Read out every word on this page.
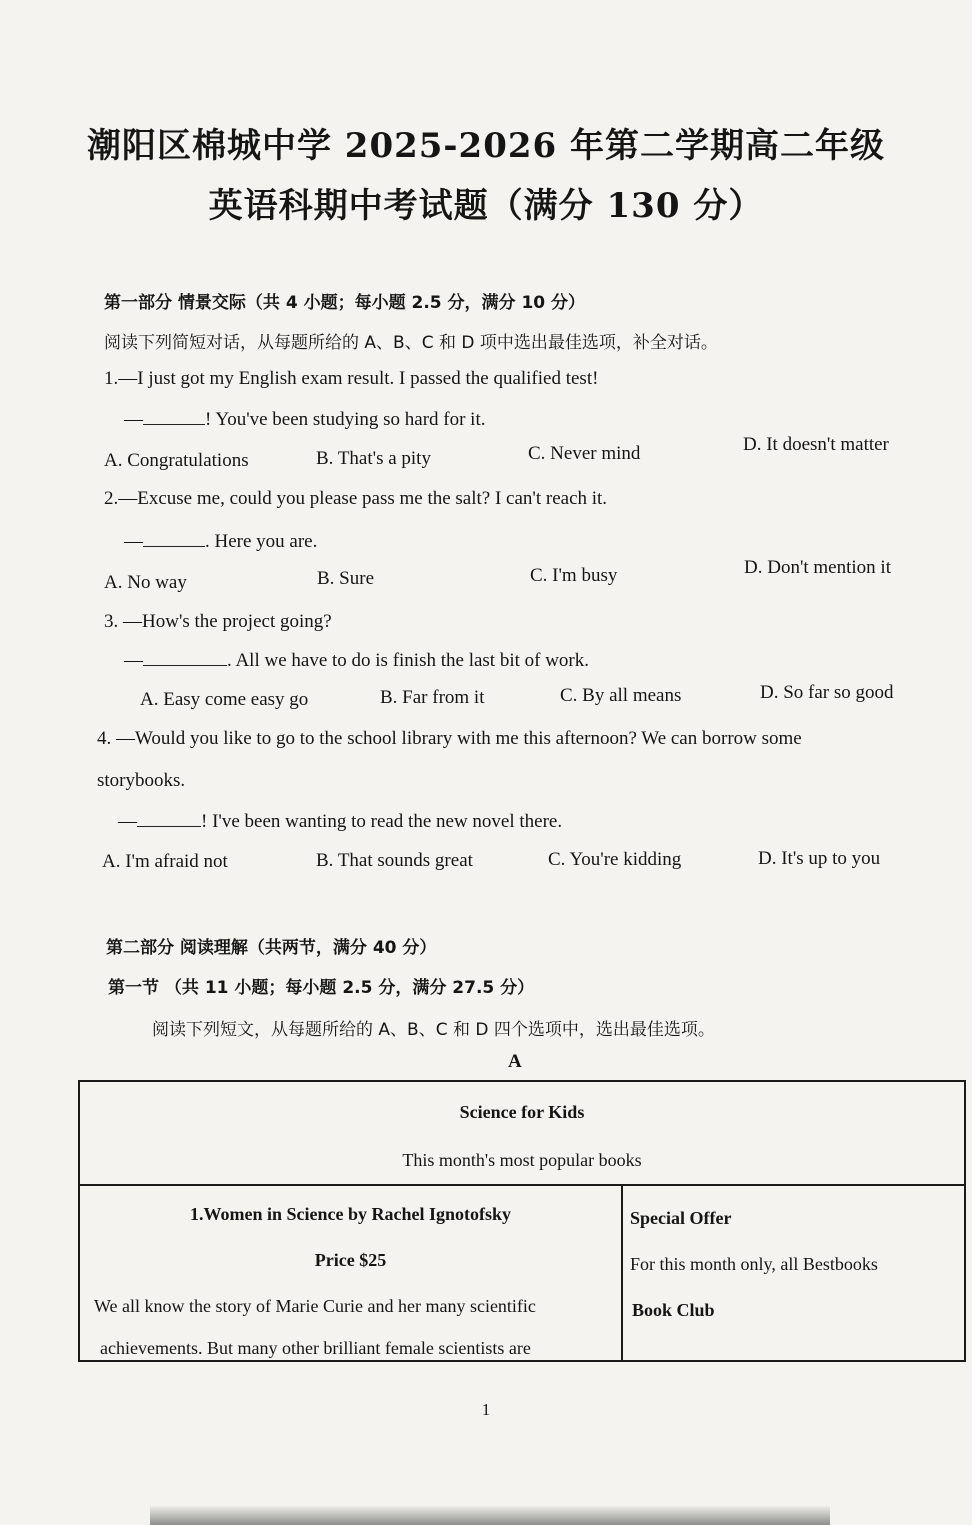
潮阳区棉城中学 2025-2026 年第二学期高二年级
英语科期中考试题（满分 130 分）
第一部分 情景交际（共 4 小题；每小题 2.5 分，满分 10 分）
阅读下列简短对话，从每题所给的 A、B、C 和 D 项中选出最佳选项，补全对话。
1.—I just got my English exam result. I passed the qualified test!
—	! You've been studying so hard for it.
A. Congratulations	B. That's a pity	C. Never mind	D. It doesn't matter
2.—Excuse me, could you please pass me the salt? I can't reach it.
—	. Here you are.
A. No way	B. Sure	C. I'm busy	D. Don't mention it
3. —How's the project going?
—	. All we have to do is finish the last bit of work.
A. Easy come easy go	B. Far from it	C. By all means	D. So far so good
4. —Would you like to go to the school library with me this afternoon? We can borrow some
storybooks.
—	! I've been wanting to read the new novel there.
A. I'm afraid not	B. That sounds great	C. You're kidding	D. It's up to you
第二部分 阅读理解（共两节，满分 40 分）
第一节 （共 11 小题；每小题 2.5 分，满分 27.5 分）
阅读下列短文，从每题所给的 A、B、C 和 D 四个选项中，选出最佳选项。
A
Science for Kids
This month's most popular books
1.Women in Science by Rachel Ignotofsky
Price $25
We all know the story of Marie Curie and her many scientific
achievements. But many other brilliant female scientists are
Special Offer
For this month only, all Bestbooks
Book Club
1
